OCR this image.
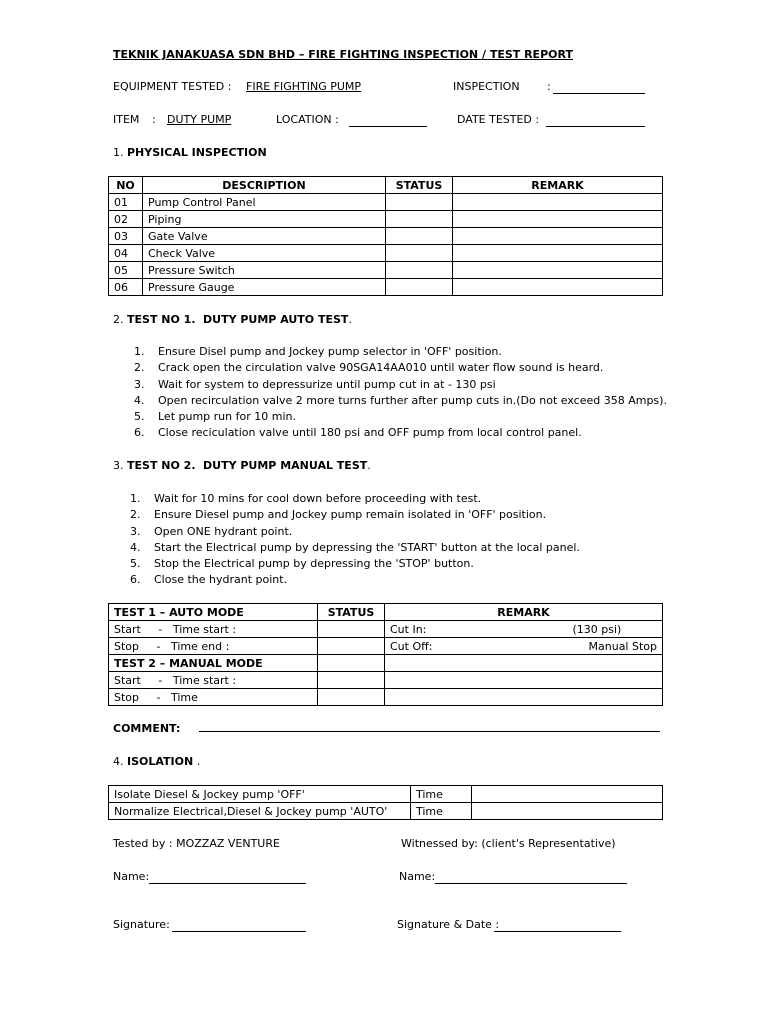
TEKNIK JANAKUASA SDN BHD – FIRE FIGHTING INSPECTION / TEST REPORT
EQUIPMENT TESTED : FIRE FIGHTING PUMP	INSPECTION :
ITEM : DUTY PUMP	LOCATION :	DATE TESTED :
1. PHYSICAL INSPECTION
NO	DESCRIPTION	STATUS	REMARK
01	Pump Control Panel		
02	Piping		
03	Gate Valve		
04	Check Valve		
05	Pressure Switch		
06	Pressure Gauge		
2. TEST NO 1. DUTY PUMP AUTO TEST.
1. Ensure Disel pump and Jockey pump selector in 'OFF' position.
2. Crack open the circulation valve 90SGA14AA010 until water flow sound is heard.
3. Wait for system to depressurize until pump cut in at - 130 psi
4. Open recirculation valve 2 more turns further after pump cuts in.(Do not exceed 358 Amps).
5. Let pump run for 10 min.
6. Close reciculation valve until 180 psi and OFF pump from local control panel.
3. TEST NO 2. DUTY PUMP MANUAL TEST.
1. Wait for 10 mins for cool down before proceeding with test.
2. Ensure Diesel pump and Jockey pump remain isolated in 'OFF' position.
3. Open ONE hydrant point.
4. Start the Electrical pump by depressing the 'START' button at the local panel.
5. Stop the Electrical pump by depressing the 'STOP' button.
6. Close the hydrant point.
TEST 1 – AUTO MODE	STATUS	REMARK	
Start     -   Time start :		Cut In:	(130 psi)
Stop     -   Time end :		Cut Off:	Manual Stop
TEST 2 – MANUAL MODE			
Start     -   Time start :			
Stop     -   Time			
COMMENT:
4. ISOLATION .
Isolate Diesel & Jockey pump 'OFF'	Time	
Normalize Electrical,Diesel & Jockey pump 'AUTO'	Time	
Tested by : MOZZAZ VENTURE	Witnessed by: (client's Representative)
Name:	Name:
Signature:	Signature & Date :
